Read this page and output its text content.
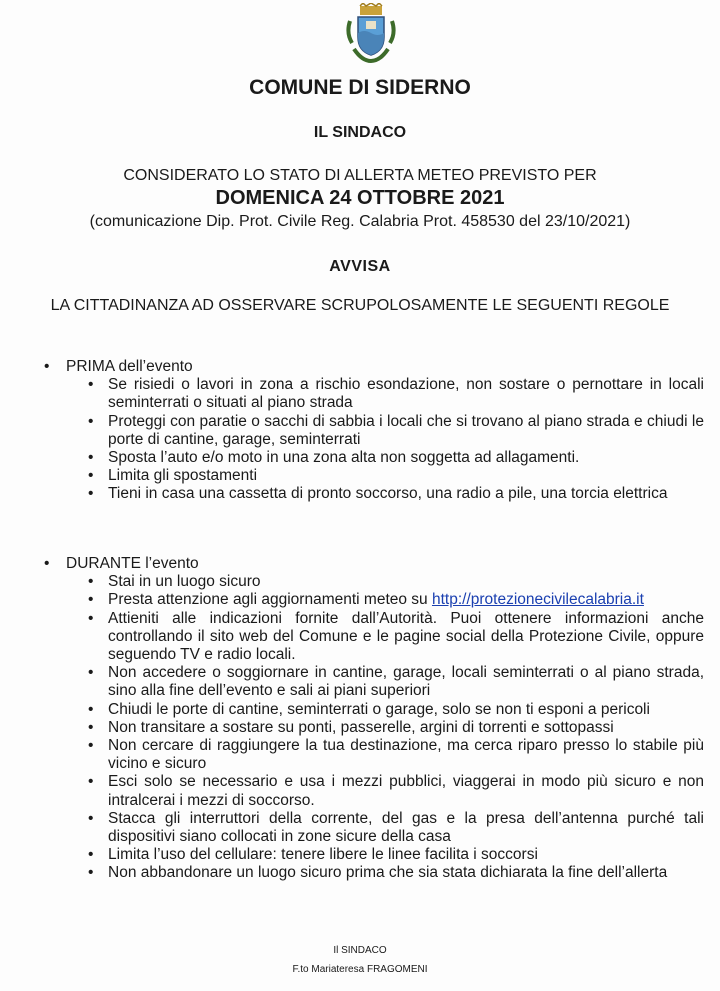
COMUNE DI SIDERNO
IL SINDACO
CONSIDERATO LO STATO DI ALLERTA METEO PREVISTO PER
DOMENICA 24 OTTOBRE 2021
(comunicazione Dip. Prot. Civile Reg. Calabria Prot. 458530 del 23/10/2021)
AVVISA
LA CITTADINANZA AD OSSERVARE SCRUPOLOSAMENTE LE SEGUENTI REGOLE
• PRIMA dell’evento
• Se risiedi o lavori in zona a rischio esondazione, non sostare o pernottare in locali seminterrati o situati al piano strada
• Proteggi con paratie o sacchi di sabbia i locali che si trovano al piano strada e chiudi le porte di cantine, garage, seminterrati
• Sposta l’auto e/o moto in una zona alta non soggetta ad allagamenti.
• Limita gli spostamenti
• Tieni in casa una cassetta di pronto soccorso, una radio a pile, una torcia elettrica
• DURANTE l’evento
• Stai in un luogo sicuro
• Presta attenzione agli aggiornamenti meteo su http://protezionecivilecalabria.it
• Attieniti alle indicazioni fornite dall’Autorità. Puoi ottenere informazioni anche controllando il sito web del Comune e le pagine social della Protezione Civile, oppure seguendo TV e radio locali.
• Non accedere o soggiornare in cantine, garage, locali seminterrati o al piano strada, sino alla fine dell’evento e sali ai piani superiori
• Chiudi le porte di cantine, seminterrati o garage, solo se non ti esponi a pericoli
• Non transitare a sostare su ponti, passerelle, argini di torrenti e sottopassi
• Non cercare di raggiungere la tua destinazione, ma cerca riparo presso lo stabile più vicino e sicuro
• Esci solo se necessario e usa i mezzi pubblici, viaggerai in modo più sicuro e non intralcerai i mezzi di soccorso.
• Stacca gli interruttori della corrente, del gas e la presa dell’antenna purché tali dispositivi siano collocati in zone sicure della casa
• Limita l’uso del cellulare: tenere libere le linee facilita i soccorsi
• Non abbandonare un luogo sicuro prima che sia stata dichiarata la fine dell’allerta
Il SINDACO
F.to Mariateresa FRAGOMENI
